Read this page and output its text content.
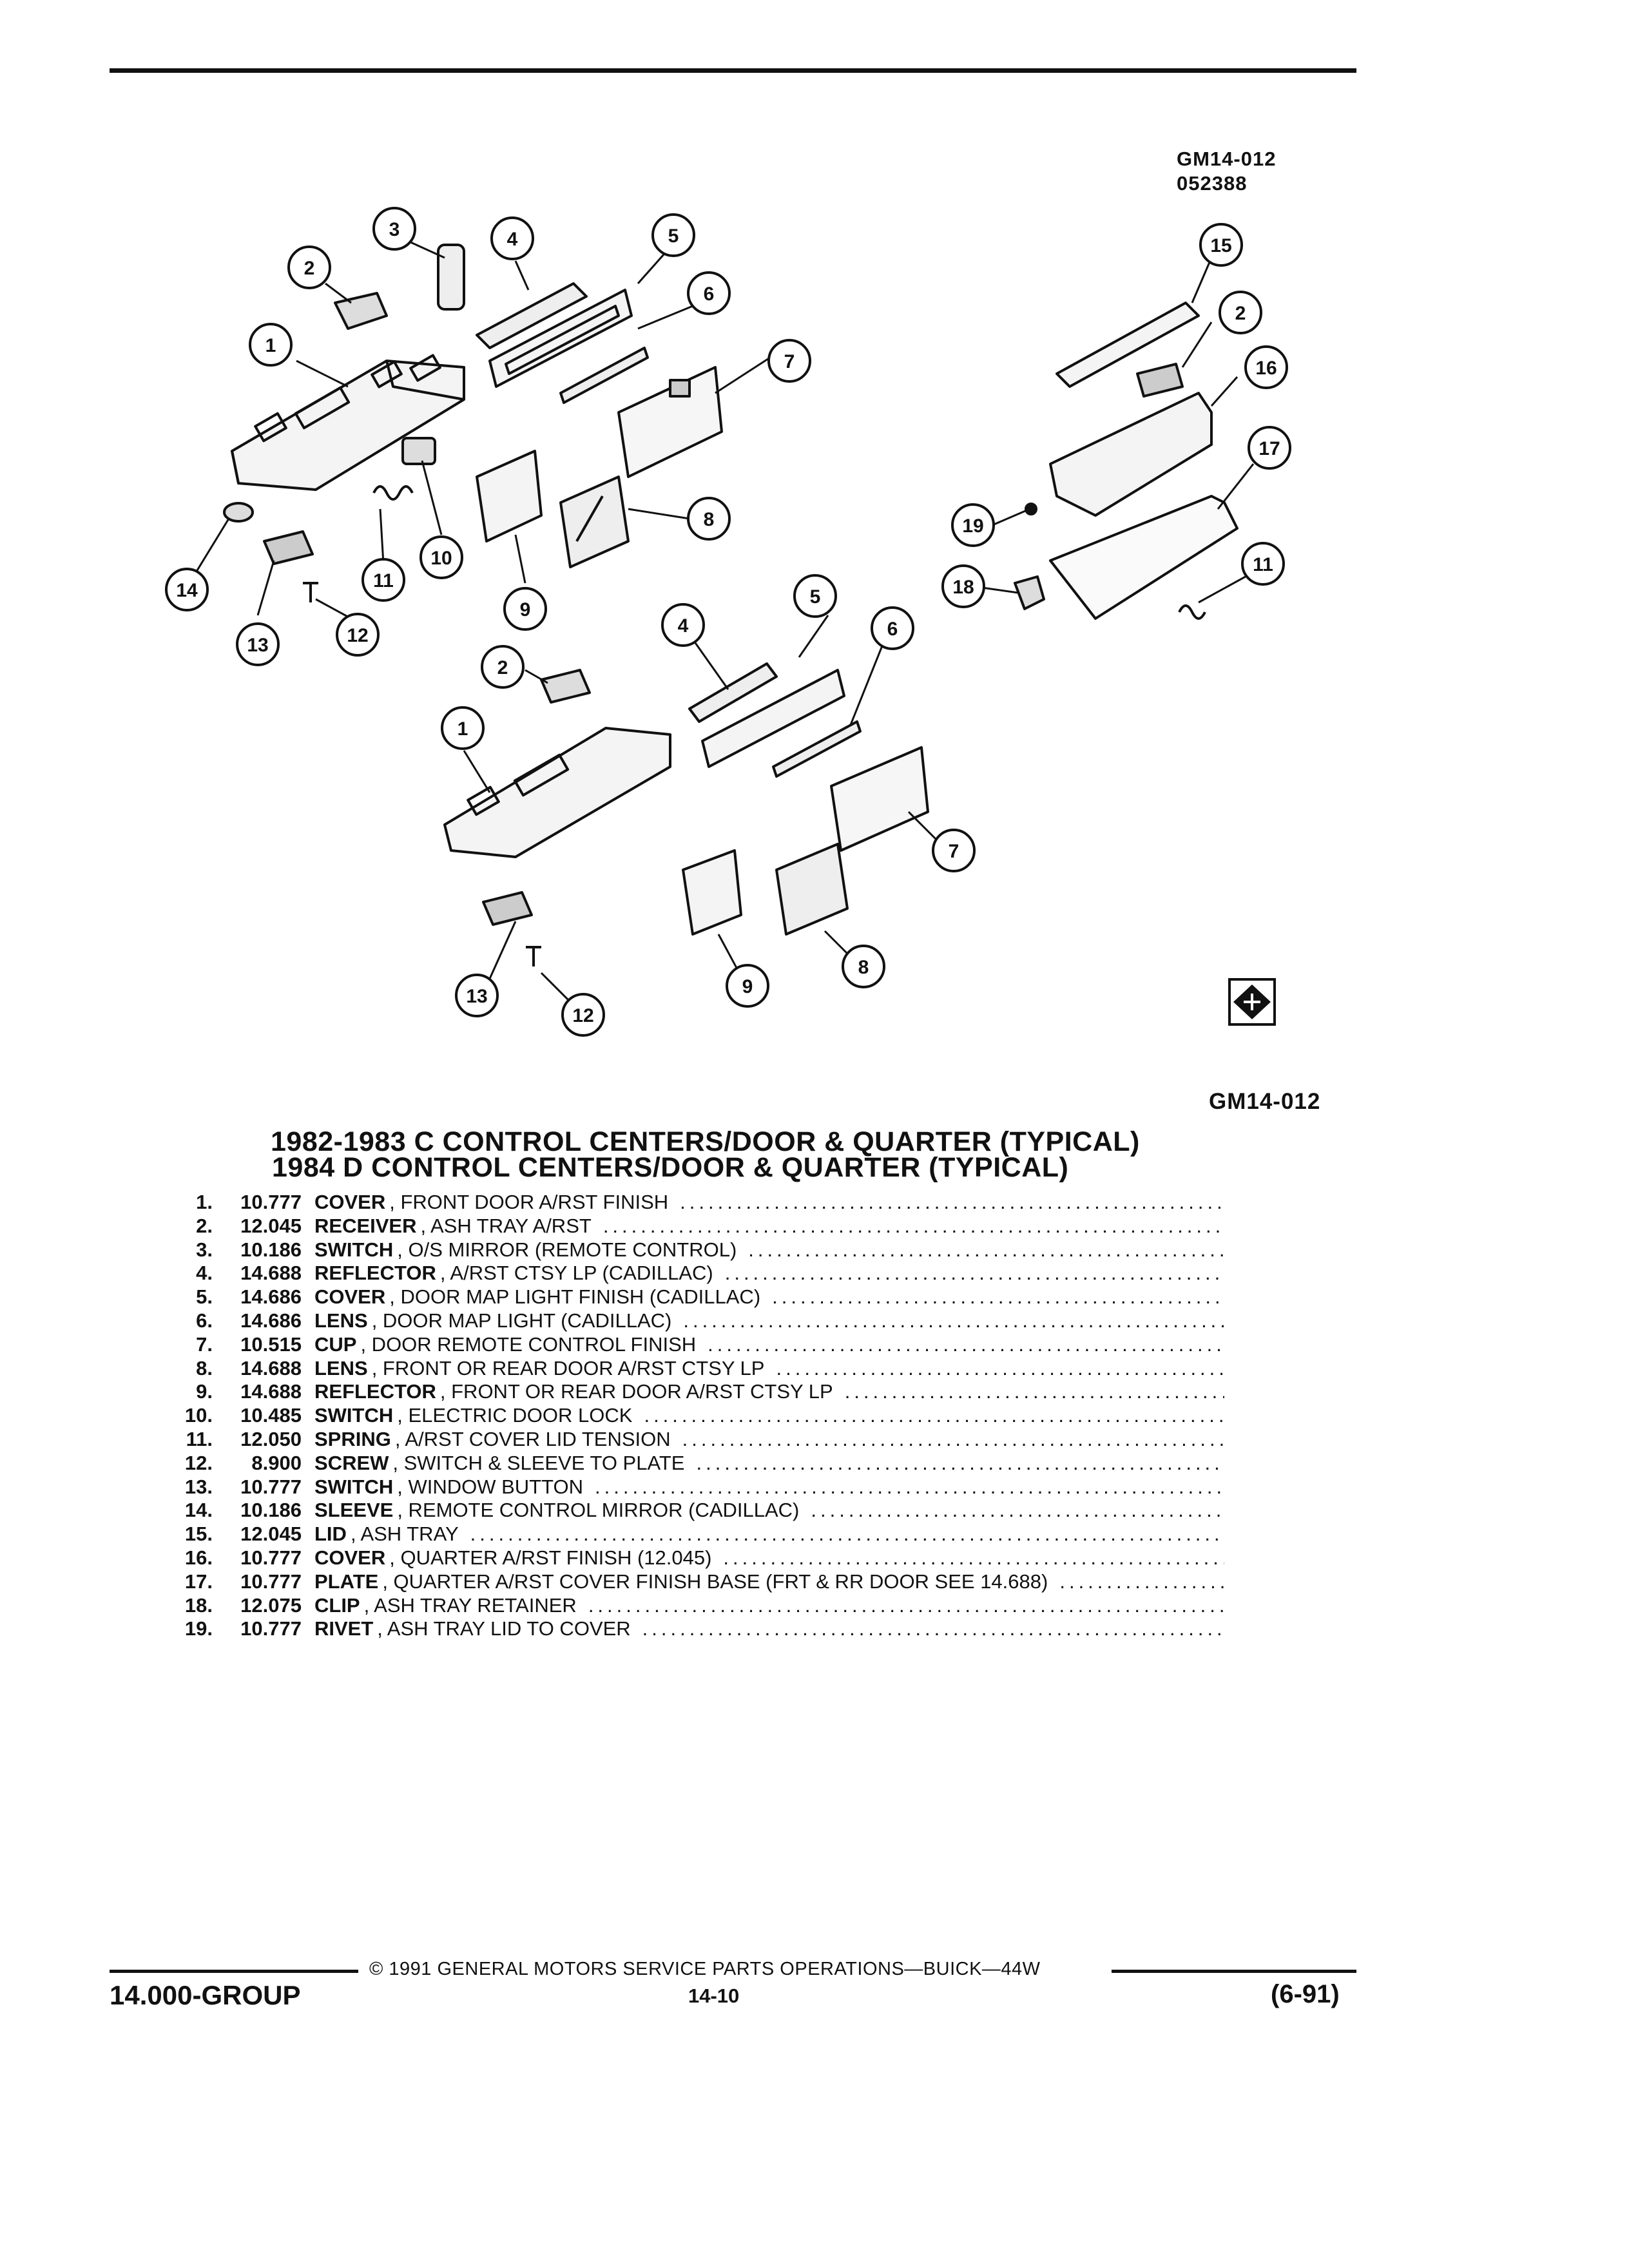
GM14-012
052388
1
2
3	4	5
6
7
8
9
10
11
12
13
14
15
2
16
17
11
18
19
2
1
4
5
6
7
8
9
13
12
GM14-012
1982-1983 C CONTROL CENTERS/DOOR & QUARTER (TYPICAL)
1984 D CONTROL CENTERS/DOOR & QUARTER (TYPICAL)
1.	10.777 COVER , FRONT DOOR A/RST FINISH
.....
2.	12.045 RECEIVER , ASH TRAY A/RST
.....
3.	10.186 SWITCH , O/S MIRROR (REMOTE CONTROL)
.....
4.	14.688 REFLECTOR , A/RST CTSY LP (CADILLAC)
.....
5.	14.686 COVER , DOOR MAP LIGHT FINISH (CADILLAC)
.....
6.	14.686 LENS , DOOR MAP LIGHT (CADILLAC)
.....
7.	10.515 CUP , DOOR REMOTE CONTROL FINISH
.....
8.	14.688 LENS , FRONT OR REAR DOOR A/RST CTSY LP
.....
9.	14.688 REFLECTOR , FRONT OR REAR DOOR A/RST CTSY LP
.....
10.	10.485 SWITCH , ELECTRIC DOOR LOCK
.....
11.	12.050 SPRING , A/RST COVER LID TENSION
.....
12.	8.900 SCREW , SWITCH & SLEEVE TO PLATE
.....
13.	10.777 SWITCH , WINDOW BUTTON
.....
14.	10.186 SLEEVE , REMOTE CONTROL MIRROR (CADILLAC)
.....
15.	12.045 LID , ASH TRAY
.....
16.	10.777 COVER , QUARTER A/RST FINISH (12.045)
.....
17.	10.777 PLATE , QUARTER A/RST COVER FINISH BASE (FRT & RR DOOR SEE 14.688)
.....
18.	12.075 CLIP , ASH TRAY RETAINER
.....
19.	10.777 RIVET , ASH TRAY LID TO COVER
.....
© 1991 GENERAL MOTORS SERVICE PARTS OPERATIONS—BUICK—44W
14.000-GROUP	14-10	(6-91)
